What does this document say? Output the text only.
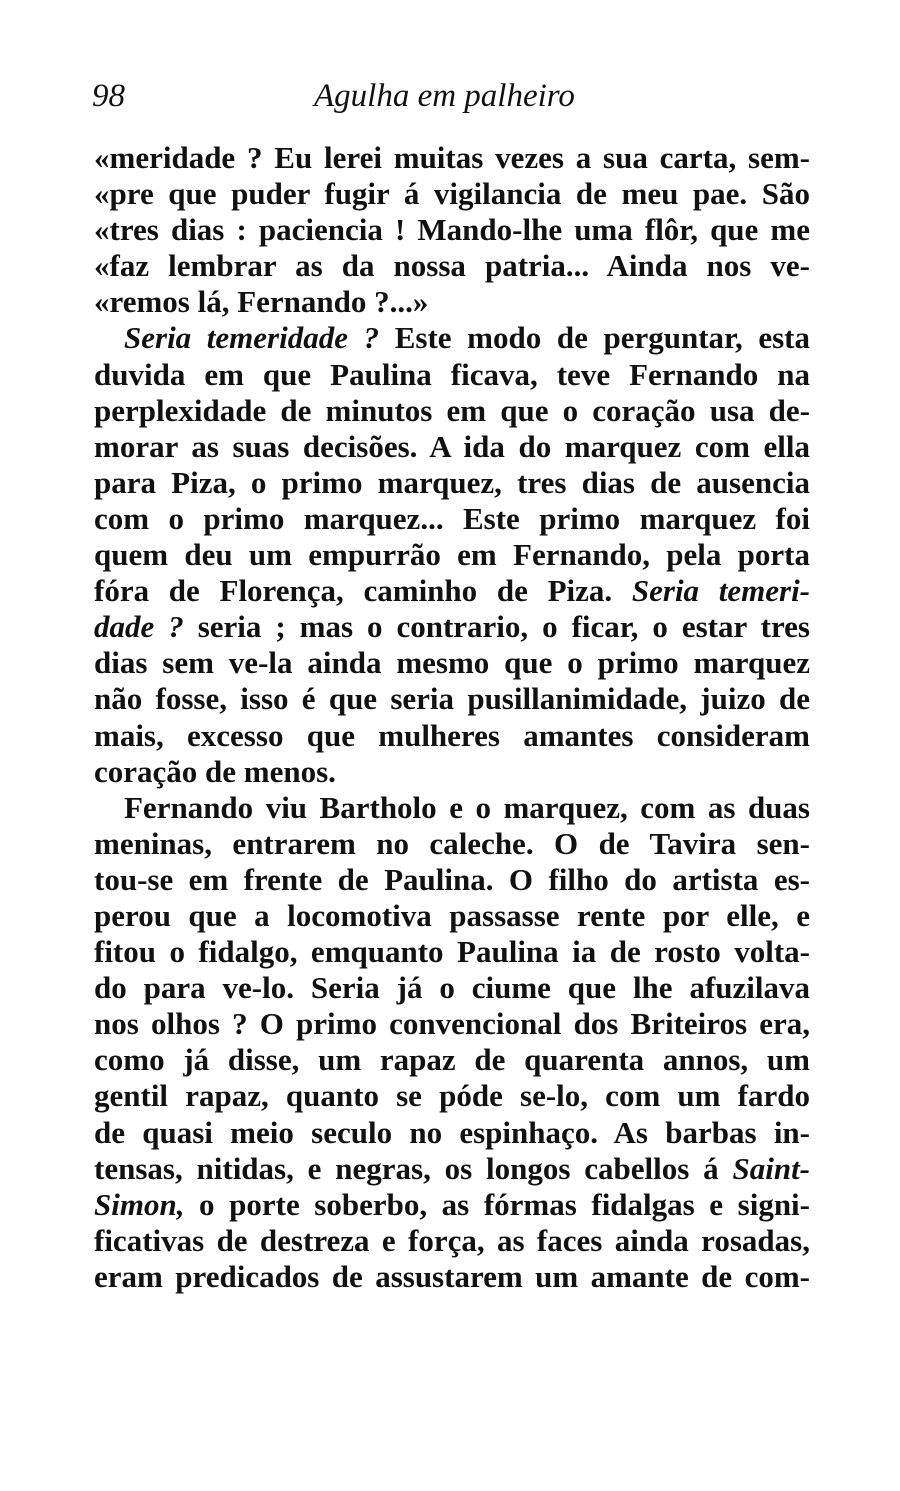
98	Agulha em palheiro
«meridade ? Eu lerei muitas vezes a sua carta, sem-
«pre que puder fugir á vigilancia de meu pae. São
«tres dias : paciencia ! Mando-lhe uma flôr, que me
«faz lembrar as da nossa patria... Ainda nos ve-
«remos lá, Fernando ?...»
Seria temeridade ? Este modo de perguntar, esta
duvida em que Paulina ficava, teve Fernando na
perplexidade de minutos em que o coração usa de-
morar as suas decisões. A ida do marquez com ella
para Piza, o primo marquez, tres dias de ausencia
com o primo marquez... Este primo marquez foi
quem deu um empurrão em Fernando, pela porta
fóra de Florença, caminho de Piza. Seria temeri-
dade ? seria ; mas o contrario, o ficar, o estar tres
dias sem ve-la ainda mesmo que o primo marquez
não fosse, isso é que seria pusillanimidade, juizo de
mais, excesso que mulheres amantes consideram
coração de menos.
Fernando viu Bartholo e o marquez, com as duas
meninas, entrarem no caleche. O de Tavira sen-
tou-se em frente de Paulina. O filho do artista es-
perou que a locomotiva passasse rente por elle, e
fitou o fidalgo, emquanto Paulina ia de rosto volta-
do para ve-lo. Seria já o ciume que lhe afuzilava
nos olhos ? O primo convencional dos Briteiros era,
como já disse, um rapaz de quarenta annos, um
gentil rapaz, quanto se póde se-lo, com um fardo
de quasi meio seculo no espinhaço. As barbas in-
tensas, nitidas, e negras, os longos cabellos á Saint-
Simon, o porte soberbo, as fórmas fidalgas e signi-
ficativas de destreza e força, as faces ainda rosadas,
eram predicados de assustarem um amante de com-
